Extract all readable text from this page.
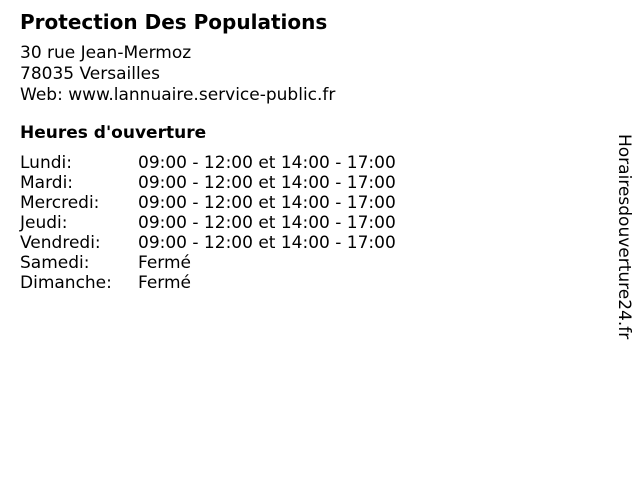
Protection Des Populations
30 rue Jean-Mermoz
78035 Versailles
Web: www.lannuaire.service-public.fr
Heures d'ouverture
Lundi:	09:00 - 12:00 et 14:00 - 17:00
Mardi:	09:00 - 12:00 et 14:00 - 17:00
Mercredi:	09:00 - 12:00 et 14:00 - 17:00
Jeudi:	09:00 - 12:00 et 14:00 - 17:00
Vendredi:	09:00 - 12:00 et 14:00 - 17:00
Samedi:	Fermé
Dimanche:	Fermé	Horairesdouverture24.fr
